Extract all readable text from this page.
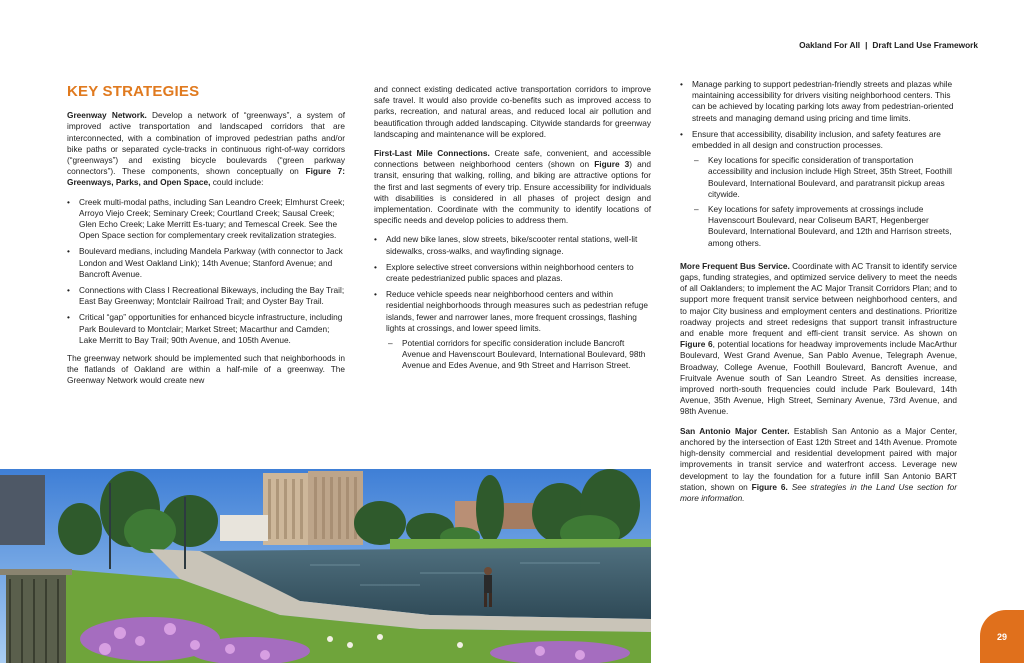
Oakland For All | Draft Land Use Framework
KEY STRATEGIES

Greenway Network. Develop a network of “greenways”, a system of improved active transportation and landscaped corridors that are interconnected, with a combination of improved pedestrian paths and/or bike paths or separated cycle-tracks in continuous right-of-way corridors (“greenways”) and existing bicycle boulevards (“green parkway connectors”). These components, shown conceptually on Figure 7: Greenways, Parks, and Open Space, could include:

• Creek multi-modal paths, including San Leandro Creek; Elmhurst Creek; Arroyo Viejo Creek; Seminary Creek; Courtland Creek; Sausal Creek; Glen Echo Creek; Lake Merritt Es-tuary; and Temescal Creek. See the Open Space section for complementary creek revitalization strategies.
• Boulevard medians, including Mandela Parkway (with connector to Jack London and West Oakland Link); 14th Avenue; Stanford Avenue; and Bancroft Avenue.
• Connections with Class I Recreational Bikeways, including the Bay Trail; East Bay Greenway; Montclair Railroad Trail; and Oyster Bay Trail.
• Critical “gap” opportunities for enhanced bicycle infrastructure, including Park Boulevard to Montclair; Market Street; Macarthur and Camden; Lake Merritt to Bay Trail; 90th Avenue, and 105th Avenue.

The greenway network should be implemented such that neighborhoods in the flatlands of Oakland are within a half-mile of a greenway. The Greenway Network would create new

and connect existing dedicated active transportation corridors to improve safe travel. It would also provide co-benefits such as improved access to parks, recreation, and natural areas, and reduced local air pollution and beautification through added landscaping. Citywide standards for greenway landscaping and maintenance will be explored.

First-Last Mile Connections. Create safe, convenient, and accessible connections between neighborhood centers (shown on Figure 3) and transit, ensuring that walking, rolling, and biking are attractive options for the first and last segments of every trip. Ensure accessibility for individuals with disabilities is considered in all phases of project design and implementation. Coordinate with the community to identify locations of specific needs and develop policies to address them.

• Add new bike lanes, slow streets, bike/scooter rental stations, well-lit sidewalks, cross-walks, and wayfinding signage.
• Explore selective street conversions within neighborhood centers to create pedestrianized public spaces and plazas.
• Reduce vehicle speeds near neighborhood centers and within residential neighborhoods through measures such as pedestrian refuge islands, fewer and narrower lanes, more frequent crossings, flashing lights at crossings, and lower speed limits.
– Potential corridors for specific consideration include Bancroft Avenue and Havenscourt Boulevard, International Boulevard, 98th Avenue and Edes Avenue, and 9th Street and Harrison Street.
• Manage parking to support pedestrian-friendly streets and plazas while maintaining accessibility for drivers visiting neighborhood centers. This can be achieved by locating parking lots away from pedestrian-oriented streets and managing demand using pricing and time limits.
• Ensure that accessibility, disability inclusion, and safety features are embedded in all design and construction processes.
– Key locations for specific consideration of transportation accessibility and inclusion include High Street, 35th Street, Foothill Boulevard, International Boulevard, and paratransit pickup areas citywide.
– Key locations for safety improvements at crossings include Havenscourt Boulevard, near Coliseum BART, Hegenberger Boulevard, International Boulevard, and 12th and Harrison streets, among others.

More Frequent Bus Service. Coordinate with AC Transit to identify service gaps, funding strategies, and optimized service delivery to meet the needs of all Oaklanders; to implement the AC Major Transit Corridors Plan; and to support more frequent transit service between neighborhood centers, and to major City business and employment centers and destinations. Prioritize roadway projects and street redesigns that support transit infrastructure and enable more frequent and effi-cient transit service. As shown on Figure 6, potential locations for headway improvements include MacArthur Boulevard, West Grand Avenue, San Pablo Avenue, Telegraph Avenue, Broadway, College Avenue, Foothill Boulevard, Bancroft Avenue, and Fruitvale Avenue south of San Leandro Street. As densities increase, improved north-south frequencies could include Park Boulevard, 14th Avenue, 35th Avenue, High Street, Seminary Avenue, 73rd Avenue, and 98th Avenue.

San Antonio Major Center. Establish San Antonio as a Major Center, anchored by the intersection of East 12th Street and 14th Avenue. Promote high-density commercial and residential development paired with major improvements in transit service and waterfront access. Leverage new development to lay the foundation for a future infill San Antonio BART station, shown on Figure 6. See strategies in the Land Use section for more information.

29
